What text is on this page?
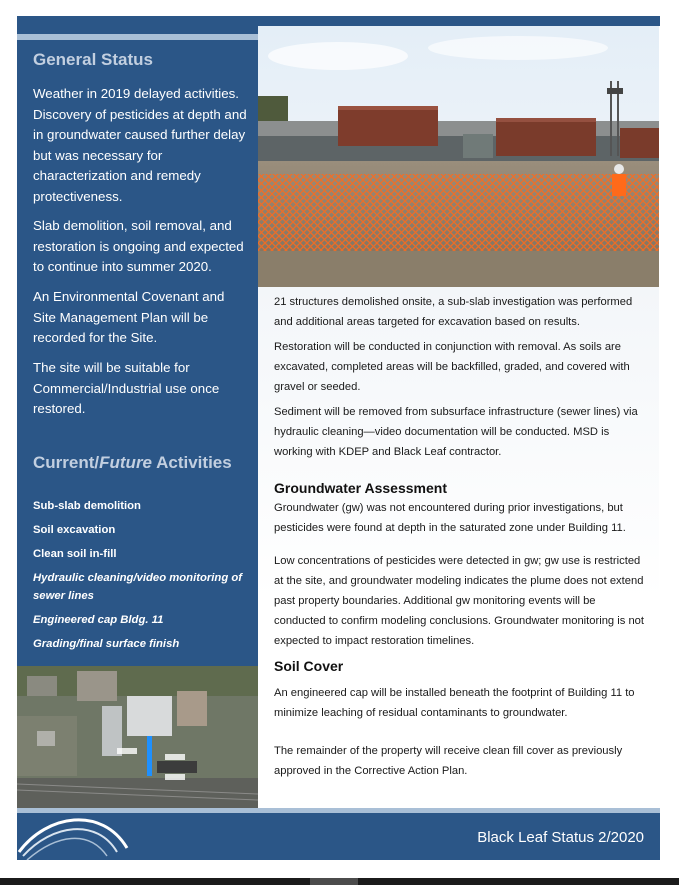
General Status

Weather in 2019 delayed activities. Discovery of pesticides at depth and in groundwater caused further delay but was necessary for characterization and remedy protectiveness.

Slab demolition, soil removal, and restoration is ongoing and expected to continue into summer 2020.

An Environmental Covenant and Site Management Plan will be recorded for the Site.

The site will be suitable for Commercial/Industrial use once restored.

Current/Future Activities

Sub-slab demolition

Soil excavation

Clean soil in-fill

Hydraulic cleaning/video monitoring of sewer lines

Engineered cap Bldg. 11

Grading/final surface finish

21 structures demolished onsite, a sub-slab investigation was performed and additional areas targeted for excavation based on results.

Restoration will be conducted in conjunction with removal. As soils are excavated, completed areas will be backfilled, graded, and covered with gravel or seeded.

Sediment will be removed from subsurface infrastructure (sewer lines) via hydraulic cleaning—video documentation will be conducted. MSD is working with KDEP and Black Leaf contractor.

Groundwater Assessment

Groundwater (gw) was not encountered during prior investigations, but pesticides were found at depth in the saturated zone under Building 11.

Low concentrations of pesticides were detected in gw; gw use is restricted at the site, and groundwater modeling indicates the plume does not extend past property boundaries. Additional gw monitoring events will be conducted to confirm modeling conclusions. Groundwater monitoring is not expected to impact restoration timelines.

Soil Cover

An engineered cap will be installed beneath the footprint of Building 11 to minimize leaching of residual contaminants to groundwater.

The remainder of the property will receive clean fill cover as previously approved in the Corrective Action Plan.

Black Leaf Status 2/2020
